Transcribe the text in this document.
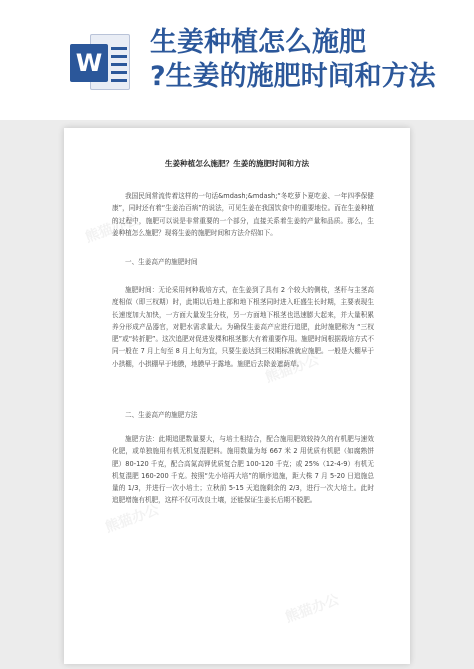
W
生姜种植怎么施肥
?生姜的施肥时间和方法
熊猫办公
熊猫办公
熊猫办公
熊猫办公
生姜种植怎么施肥？生姜的施肥时间和方法
我国民间常流传着这样的一句话&mdash;&mdash;“冬吃萝卜夏吃姜、一年四季保健康”，同时还有着“生姜治百病”的说法，可见生姜在我国饮食中的重要地位。而在生姜种植的过程中，施肥可以说是非常重要的一个部分，直接关系着生姜的产量和品质。那么，生姜种植怎么施肥？现将生姜的施肥时间和方法介绍如下。
一、生姜高产的施肥时间
施肥时间：无论采用何种栽培方式，在生姜到了具有 2 个较大的侧枝，茎秆与主茎高度相似（即三杈期）时，此期以后地上部和地下根茎同时进入旺盛生长时期，主要表现生长速度加大加快，一方面大量发生分枝，另一方面地下根茎也迅速膨大起来，并大量积累养分形成产品器官，对肥水需求量大。为确保生姜高产应进行追肥，此时施肥称为 “三杈肥”或“转折肥”。这次追肥对促进发棵和根茎膨大有着重要作用。施肥时间根据栽培方式不同一般在 7 月上旬至 8 月上旬为宜，只要生姜达到三杈期标准就应施肥。一般是大棚早于小拱棚，小拱棚早于地膜，地膜早于露地。施肥后去除姜遮荫草。
二、生姜高产的施肥方法
施肥方法：此期追肥数量要大，与培土相结合，配合施用肥效较持久的有机肥与速效化肥，或单独施用有机无机复混肥料。施用数量为每 667 米 2 用优质有机肥（如腐熟饼肥）80-120 千克，配合高氮高钾优质复合肥 100-120 千克；或 25%（12-4-9）有机无机复混肥 160-200 千克。按照“先小培再大培”的顺序追施，距大株 7 月 5-20 日追施总量的 1/3，并进行一次小培土；立秋前 5-15 天追施剩余的 2/3，进行一次大培土。此时追肥增施有机肥，这样不仅可改良土壤，还能保证生姜长后期不脱肥。
